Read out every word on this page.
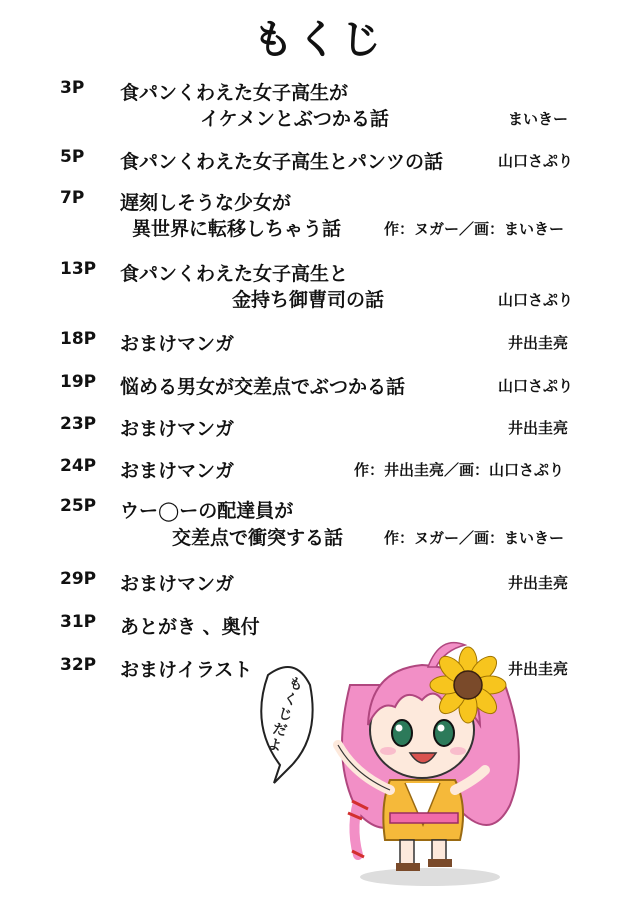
もくじ
3P 食パンくわえた女子高生が
イケメンとぶつかる話	まいきー
5P 食パンくわえた女子高生とパンツの話	山口さぷり
7P 遅刻しそうな少女が
異世界に転移しちゃう話	作：ヌガー／画：まいきー
13P 食パンくわえた女子高生と
金持ち御曹司の話	山口さぷり
18P おまけマンガ	井出圭亮
19P 悩める男女が交差点でぶつかる話	山口さぷり
23P おまけマンガ	井出圭亮
24P おまけマンガ	作：井出圭亮／画：山口さぷり
25P ウー◯ーの配達員が
交差点で衝突する話	作：ヌガー／画：まいきー
29P おまけマンガ	井出圭亮
31P あとがき 、奥付
32P おまけイラスト	井出圭亮
もくじだよ
